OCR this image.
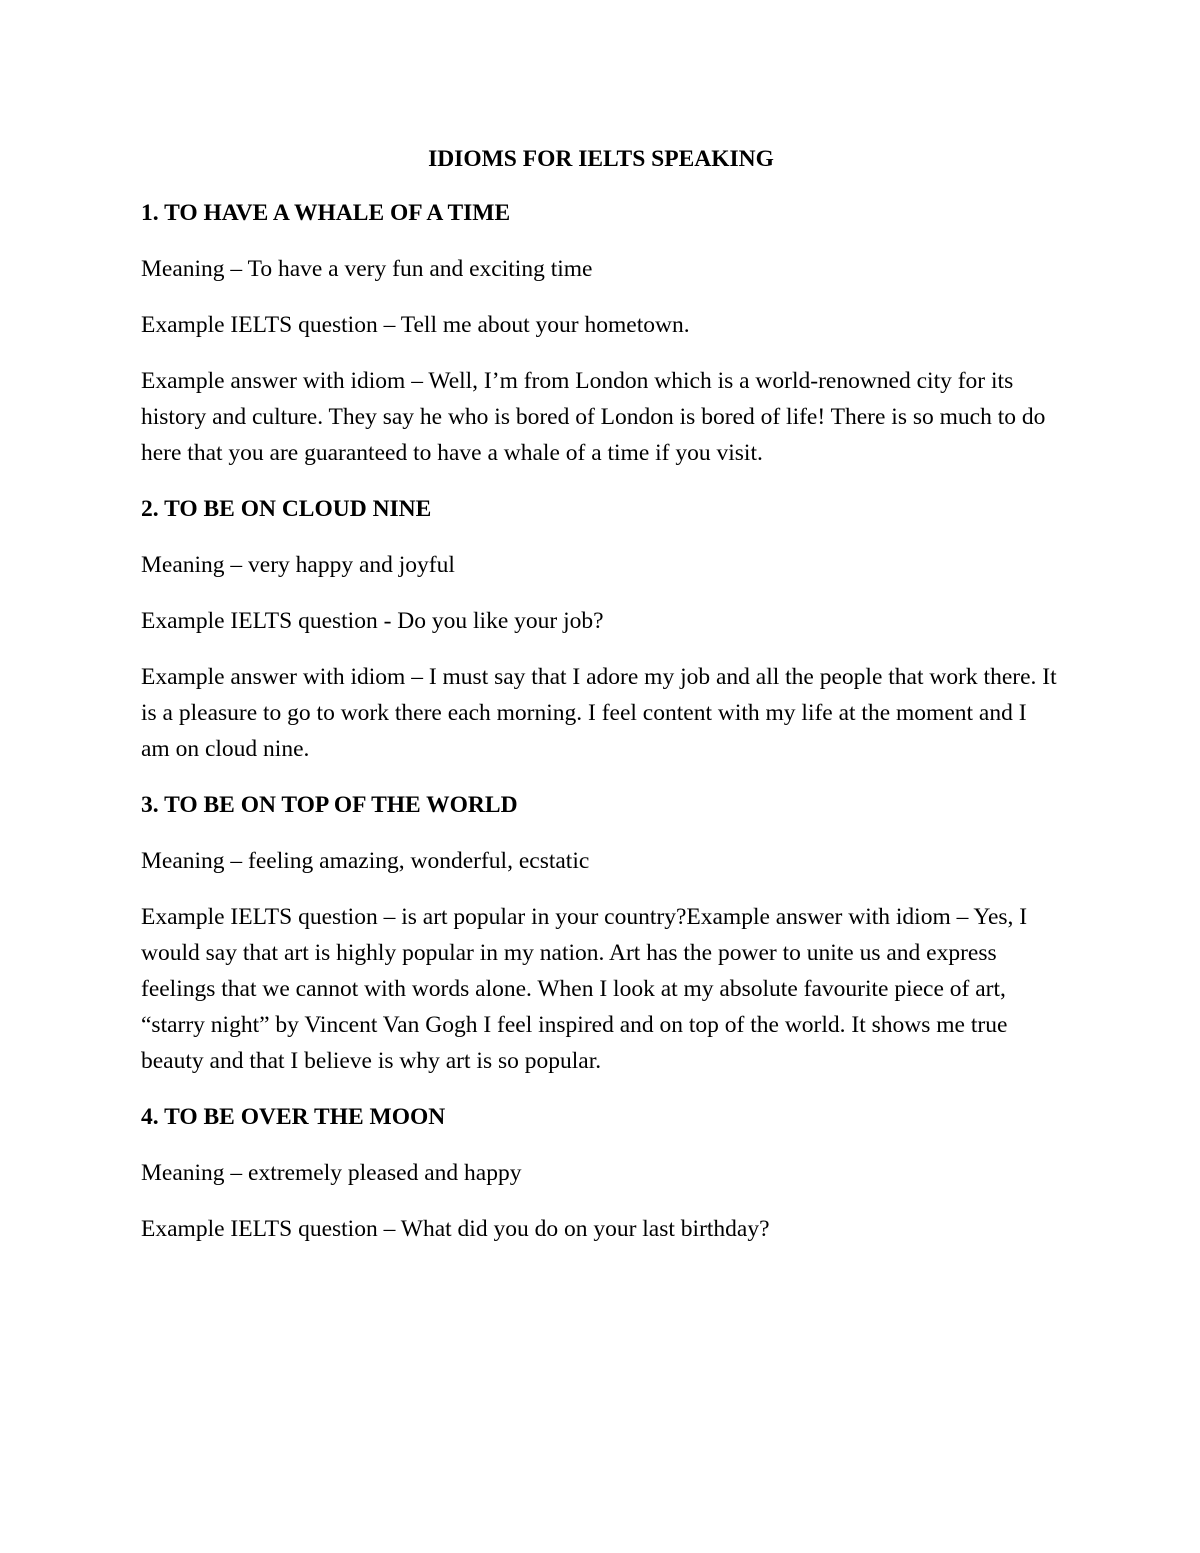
IDIOMS FOR IELTS SPEAKING
1. TO HAVE A WHALE OF A TIME

Meaning – To have a very fun and exciting time

Example IELTS question – Tell me about your hometown.

Example answer with idiom – Well, I’m from London which is a world-renowned city for its history and culture. They say he who is bored of London is bored of life! There is so much to do here that you are guaranteed to have a whale of a time if you visit.

2. TO BE ON CLOUD NINE

Meaning – very happy and joyful

Example IELTS question - Do you like your job?

Example answer with idiom – I must say that I adore my job and all the people that work there. It is a pleasure to go to work there each morning. I feel content with my life at the moment and I am on cloud nine.

3. TO BE ON TOP OF THE WORLD

Meaning – feeling amazing, wonderful, ecstatic

Example IELTS question – is art popular in your country?Example answer with idiom – Yes, I would say that art is highly popular in my nation. Art has the power to unite us and express feelings that we cannot with words alone. When I look at my absolute favourite piece of art, “starry night” by Vincent Van Gogh I feel inspired and on top of the world. It shows me true beauty and that I believe is why art is so popular.

4. TO BE OVER THE MOON

Meaning – extremely pleased and happy

Example IELTS question – What did you do on your last birthday?
